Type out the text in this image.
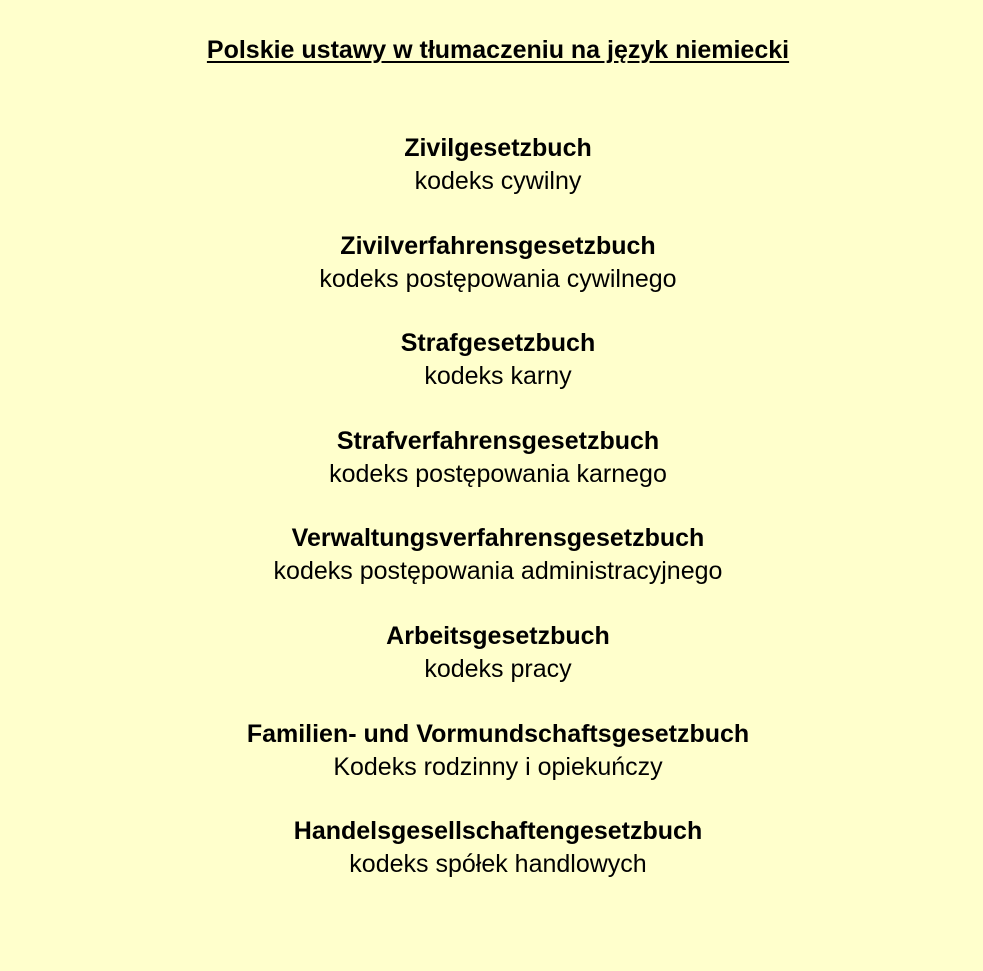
Polskie ustawy w tłumaczeniu na język niemiecki
Zivilgesetzbuch
kodeks cywilny
Zivilverfahrensgesetzbuch
kodeks postępowania cywilnego
Strafgesetzbuch
kodeks karny
Strafverfahrensgesetzbuch
kodeks postępowania karnego
Verwaltungsverfahrensgesetzbuch
kodeks postępowania administracyjnego
Arbeitsgesetzbuch
kodeks pracy
Familien- und Vormundschaftsgesetzbuch
Kodeks rodzinny i opiekuńczy
Handelsgesellschaftengesetzbuch
kodeks spółek handlowych
